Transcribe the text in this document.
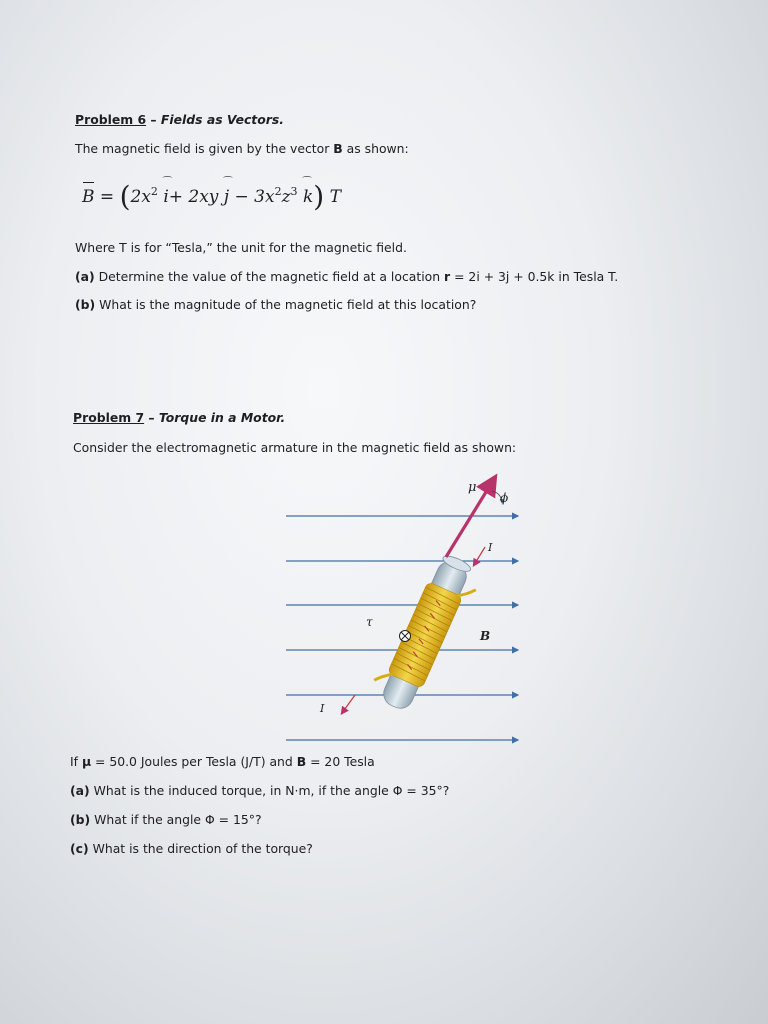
Problem 6 – Fields as Vectors.
The magnetic field is given by the vector B as shown:
$B = (2x^2$ ⌒ i+ 2xy ⌒ $j - 3x^2z^3$ ⌒ k) T
Where T is for “Tesla,” the unit for the magnetic field.
(a) Determine the value of the magnetic field at a location r = 2i + 3j + 0.5k in Tesla T.
(b) What is the magnitude of the magnetic field at this location?
Problem 7 – Torque in a Motor.
Consider the electromagnetic armature in the magnetic field as shown:
μ
ϕ
I
I
τ
B
If μ = 50.0 Joules per Tesla (J/T) and B = 20 Tesla
(a) What is the induced torque, in N·m, if the angle Φ = 35°?
(b) What if the angle Φ = 15°?
(c) What is the direction of the torque?
